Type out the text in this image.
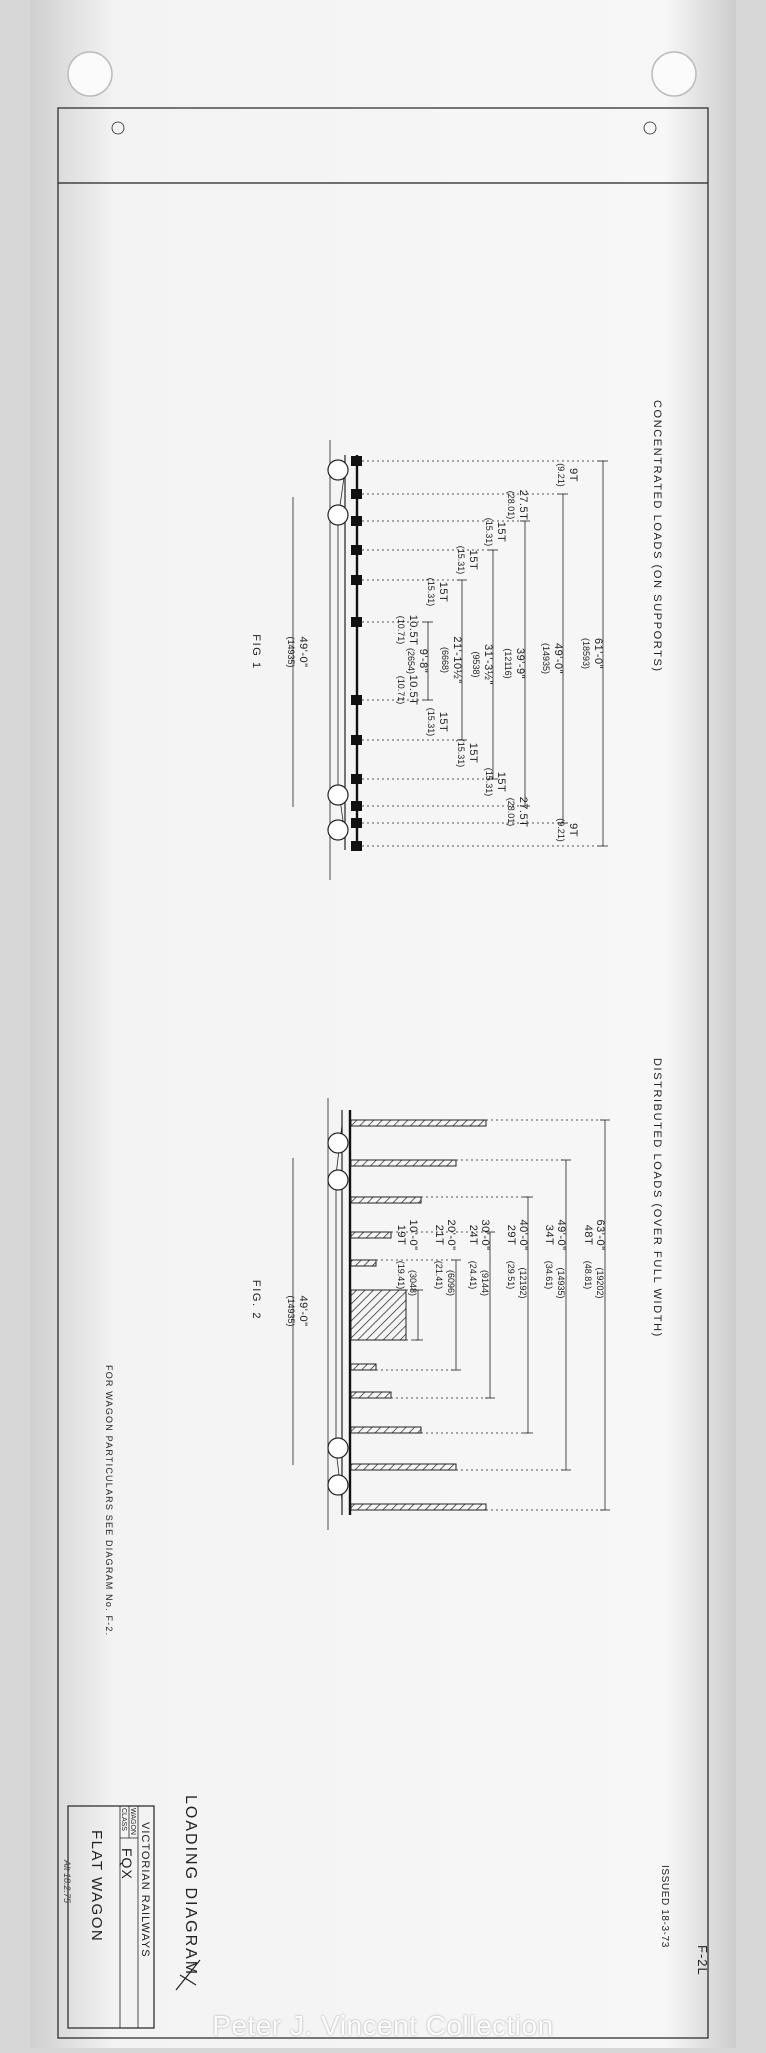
F-2L
ISSUED 18-3-73
CONCENTRATED LOADS (ON SUPPORTS)
DISTRIBUTED LOADS (OVER FULL WIDTH)
61'-0"
(18593)
49'-0"
(14935)
39'-9"
(12116)
31'-3½"
(9538)
21'-10½"
(6668)
9'-8"
(2654)
9T
(9.21)
27.5T
(28.01)
15T
(15.31)
15T
(15.31)
15T
(15.31)
10.5T
(10.71)
10.5T
(10.71)
15T
(15.31)
15T
(15.31)
15T
(15.31)
27.5T
(28.01)
9T
(9.21)
49'-0"
(14935)
FIG 1
63'-0"
(19202)
48T
(48.81)
49'-0"
(14935)
34T
(34.61)
40'-0"
(12192)
29T
(29.51)
30'-0"
(9144)
24T
(24.41)
20'-0"
(6096)
21T
(21.41)
10'-0"
(3048)
19T
(19.41)
49'-0"
(14935)
FIG. 2
FOR WAGON PARTICULARS SEE DIAGRAM No. F-2.
LOADING DIAGRAM
VICTORIAN RAILWAYS
WAGON
CLASS
FQX
FLAT WAGON
Alt 18.2.75
Peter J. Vincent Collection
